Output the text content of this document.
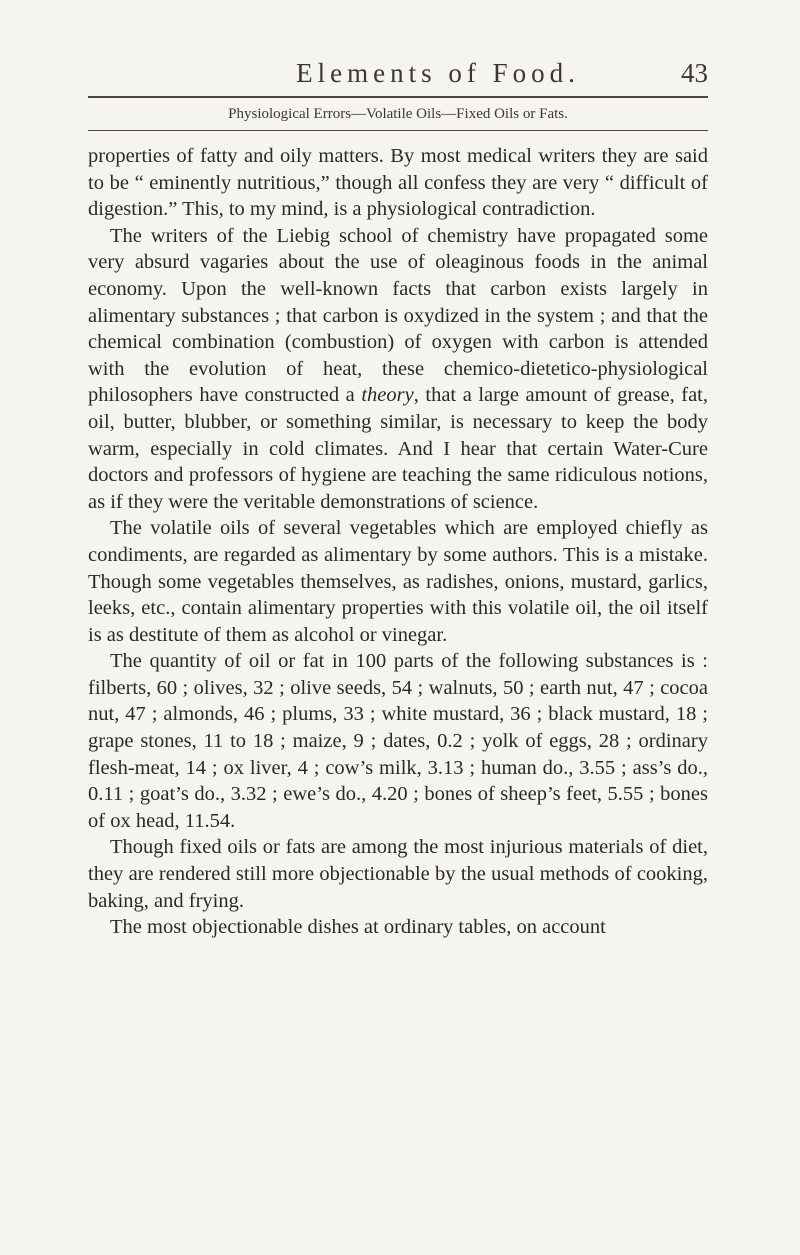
Elements of Food.	43
Physiological Errors—Volatile Oils—Fixed Oils or Fats.

properties of fatty and oily matters. By most medical writers they are said to be “ eminently nutritious,” though all confess they are very “ difficult of digestion.” This, to my mind, is a physiological contradiction.

The writers of the Liebig school of chemistry have propagated some very absurd vagaries about the use of oleaginous foods in the animal economy. Upon the well-known facts that carbon exists largely in alimentary substances ; that carbon is oxydized in the system ; and that the chemical combination (combustion) of oxygen with carbon is attended with the evolution of heat, these chemico-dietetico-physiological philosophers have constructed a theory, that a large amount of grease, fat, oil, butter, blubber, or something similar, is necessary to keep the body warm, especially in cold climates. And I hear that certain Water-Cure doctors and professors of hygiene are teaching the same ridiculous notions, as if they were the veritable demonstrations of science.

The volatile oils of several vegetables which are employed chiefly as condiments, are regarded as alimentary by some authors. This is a mistake. Though some vegetables themselves, as radishes, onions, mustard, garlics, leeks, etc., contain alimentary properties with this volatile oil, the oil itself is as destitute of them as alcohol or vinegar.

The quantity of oil or fat in 100 parts of the following substances is : filberts, 60 ; olives, 32 ; olive seeds, 54 ; walnuts, 50 ; earth nut, 47 ; cocoa nut, 47 ; almonds, 46 ; plums, 33 ; white mustard, 36 ; black mustard, 18 ; grape stones, 11 to 18 ; maize, 9 ; dates, 0.2 ; yolk of eggs, 28 ; ordinary flesh-meat, 14 ; ox liver, 4 ; cow’s milk, 3.13 ; human do., 3.55 ; ass’s do., 0.11 ; goat’s do., 3.32 ; ewe’s do., 4.20 ; bones of sheep’s feet, 5.55 ; bones of ox head, 11.54.

Though fixed oils or fats are among the most injurious materials of diet, they are rendered still more objectionable by the usual methods of cooking, baking, and frying.

The most objectionable dishes at ordinary tables, on account
